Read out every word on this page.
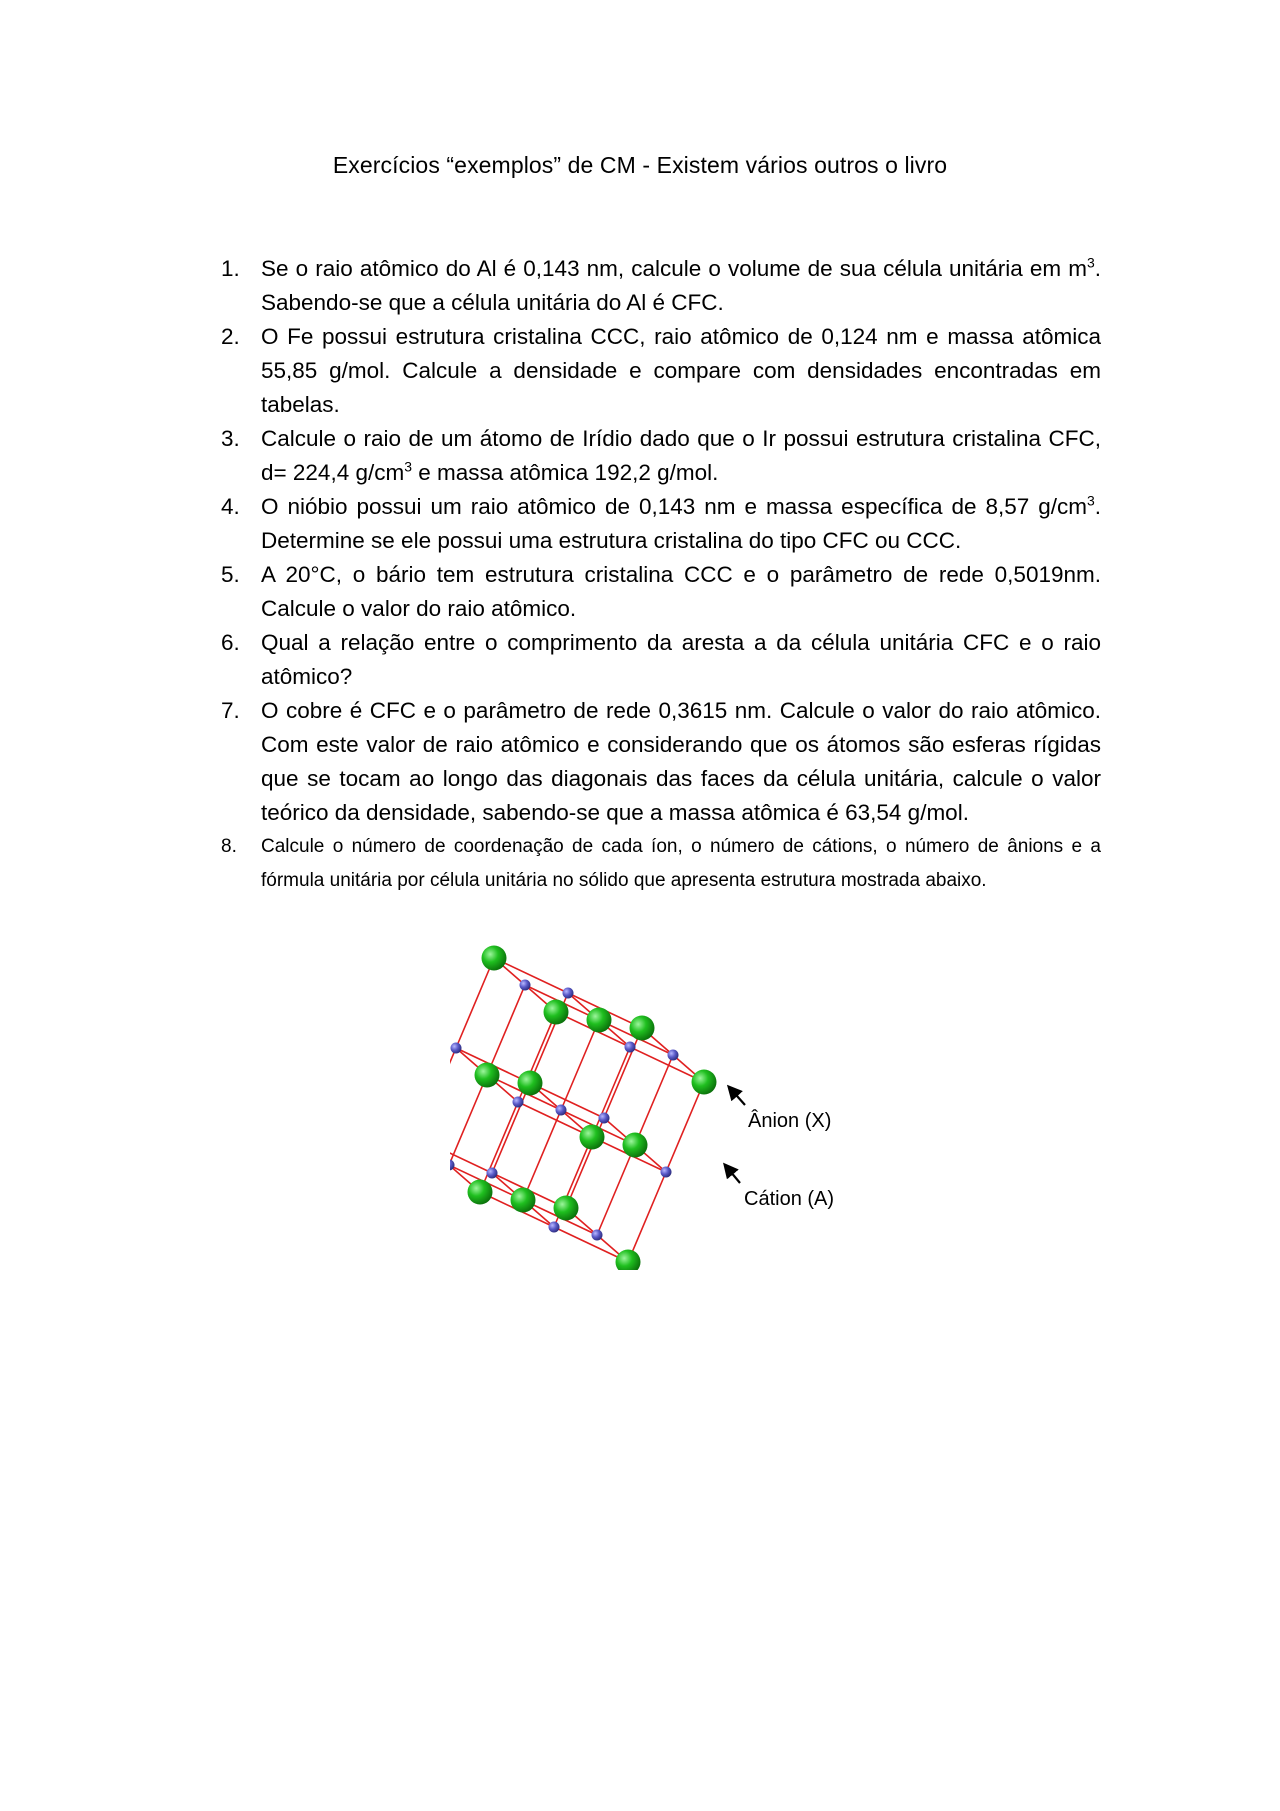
Exercícios “exemplos” de CM - Existem vários outros o livro
1. Se o raio atômico do Al é 0,143 nm, calcule o volume de sua célula unitária em $m^3$. Sabendo-se que a célula unitária do Al é CFC.
2. O Fe possui estrutura cristalina CCC, raio atômico de 0,124 nm e massa atômica 55,85 g/mol. Calcule a densidade e compare com densidades encontradas em tabelas.
3. Calcule o raio de um átomo de Irídio dado que o Ir possui estrutura cristalina CFC, d= 224,4 $g/cm^3$ e massa atômica 192,2 g/mol.
4. O nióbio possui um raio atômico de 0,143 nm e massa específica de 8,57 $g/cm^3$. Determine se ele possui uma estrutura cristalina do tipo CFC ou CCC.
5. A 20°C, o bário tem estrutura cristalina CCC e o parâmetro de rede 0,5019nm. Calcule o valor do raio atômico.
6. Qual a relação entre o comprimento da aresta a da célula unitária CFC e o raio atômico?
7. O cobre é CFC e o parâmetro de rede 0,3615 nm. Calcule o valor do raio atômico. Com este valor de raio atômico e considerando que os átomos são esferas rígidas que se tocam ao longo das diagonais das faces da célula unitária, calcule o valor teórico da densidade, sabendo-se que a massa atômica é 63,54 g/mol.
8. Calcule o número de coordenação de cada íon, o número de cátions, o número de ânions e a fórmula unitária por célula unitária no sólido que apresenta estrutura mostrada abaixo.
Ânion (X)
Cátion (A)
